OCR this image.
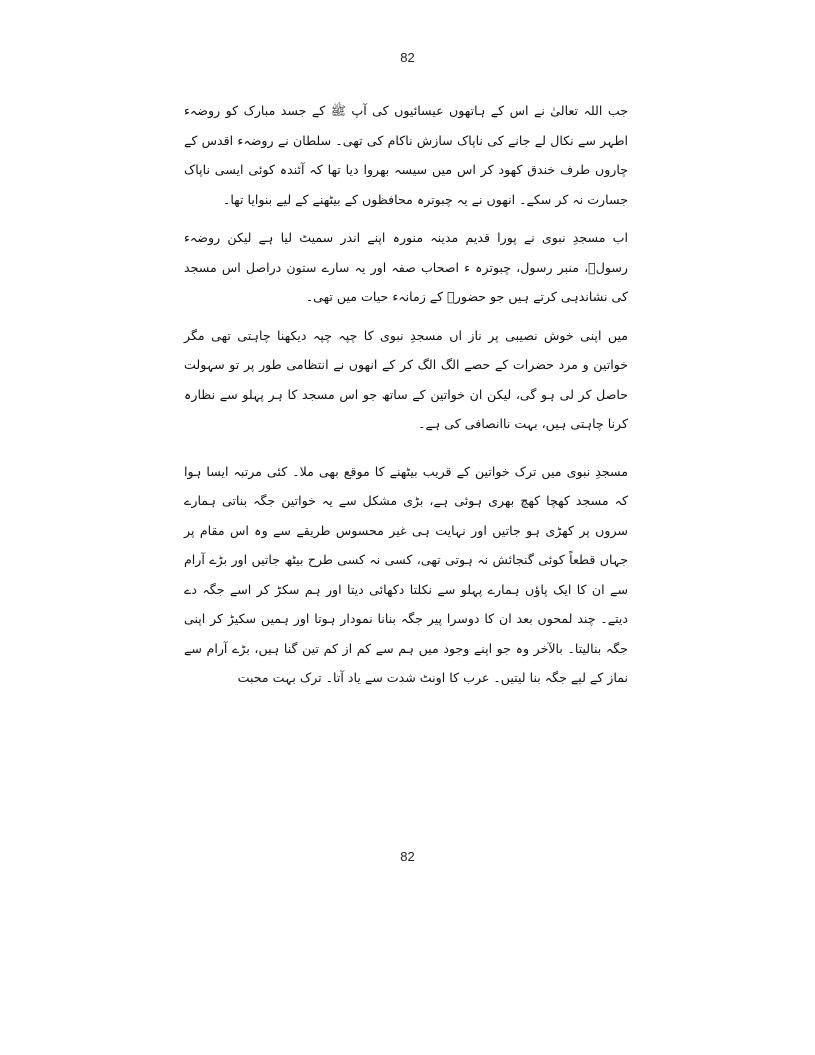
82

جب اللہ تعالیٰ نے اس کے ہاتھوں عیسائیوں کی آپ ﷺ کے جسد مبارک کو روضہء اطہر سے نکال لے جانے کی ناپاک سازش ناکام کی تھی۔ سلطان نے روضہء اقدس کے چاروں طرف خندق کھود کر اس میں سیسہ بھروا دیا تھا کہ آئندہ کوئی ایسی ناپاک جسارت نہ کر سکے۔ انھوں نے یہ چبوترہ محافظوں کے بیٹھنے کے لیے بنوایا تھا۔

اب مسجدِ نبوی نے پورا قدیم مدینہ منورہ اپنے اندر سمیٹ لیا ہے لیکن روضہء رسولؐ، منبر رسول، چبوترہ ء اصحاب صفہ اور یہ سارے ستون دراصل اس مسجد کی نشاندہی کرتے ہیں جو حضورؐ کے زمانہء حیات میں تھی۔

میں اپنی خوش نصیبی پر ناز اں مسجدِ نبوی کا چپہ چپہ دیکھنا چاہتی تھی مگر خواتین و مرد حضرات کے حصے الگ الگ کر کے انھوں نے انتظامی طور پر تو سہولت حاصل کر لی ہو گی، لیکن ان خواتین کے ساتھ جو اس مسجد کا ہر پہلو سے نظارہ کرنا چاہتی ہیں، بہت ناانصافی کی ہے۔

مسجدِ نبوی میں ترک خواتین کے قریب بیٹھنے کا موقع بھی ملا۔ کئی مرتبہ ایسا ہوا کہ مسجد کھچا کھچ بھری ہوئی ہے، بڑی مشکل سے یہ خواتین جگہ بناتی ہمارے سروں پر کھڑی ہو جاتیں اور نہایت ہی غیر محسوس طریقے سے وہ اس مقام پر جہاں قطعاً کوئی گنجائش نہ ہوتی تھی، کسی نہ کسی طرح بیٹھ جاتیں اور بڑے آرام سے ان کا ایک پاؤں ہمارے پہلو سے نکلتا دکھائی دیتا اور ہم سکڑ کر اسے جگہ دے دیتے۔ چند لمحوں بعد ان کا دوسرا پیر جگہ بنانا نمودار ہوتا اور ہمیں سکیڑ کر اپنی جگہ بنالیتا۔ بالآخر وہ جو اپنے وجود میں ہم سے کم از کم تین گنا ہیں، بڑے آرام سے نماز کے لیے جگہ بنا لیتیں۔ عرب کا اونٹ شدت سے یاد آتا۔ ترک بہت محبت

82
